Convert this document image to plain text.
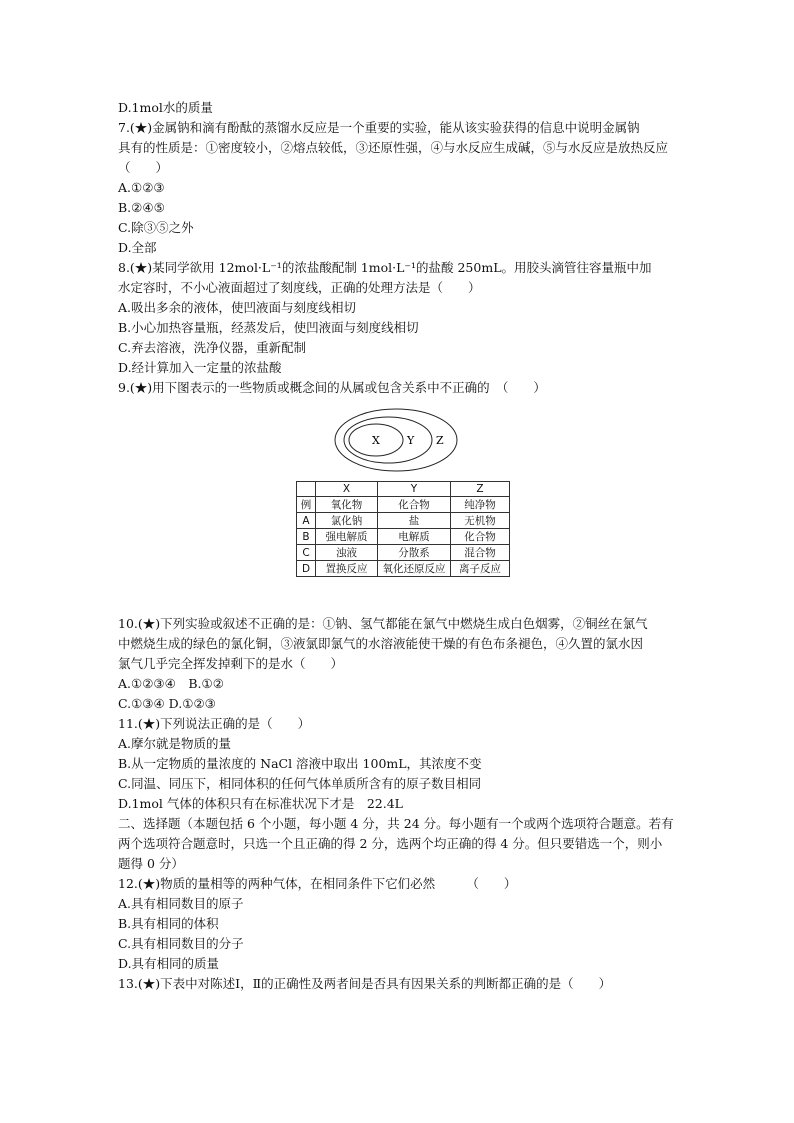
D.1mol水的质量
7.(★)金属钠和滴有酚酞的蒸馏水反应是一个重要的实验，能从该实验获得的信息中说明金属钠
具有的性质是：①密度较小，②熔点较低，③还原性强，④与水反应生成碱，⑤与水反应是放热反应
（　　）
A.①②③
B.②④⑤
C.除③⑤之外
D.全部
8.(★)某同学欲用 12mol·L⁻¹的浓盐酸配制 1mol·L⁻¹的盐酸 250mL。用胶头滴管往容量瓶中加
水定容时，不小心液面超过了刻度线，正确的处理方法是（　　）
A.吸出多余的液体，使凹液面与刻度线相切
B.小心加热容量瓶，经蒸发后，使凹液面与刻度线相切
C.弃去溶液，洗净仪器，重新配制
D.经计算加入一定量的浓盐酸
9.(★)用下图表示的一些物质或概念间的从属或包含关系中不正确的　（　　）
X Y Z
	X	Y	Z
例	氧化物	化合物	纯净物
A	氯化钠	盐	无机物
B	强电解质	电解质	化合物
C	浊液	分散系	混合物
D	置换反应	氧化还原反应	离子反应
10.(★)下列实验或叙述不正确的是：①钠、氢气都能在氯气中燃烧生成白色烟雾，②铜丝在氯气
中燃烧生成的绿色的氯化铜，③液氯即氯气的水溶液能使干燥的有色布条褪色，④久置的氯水因
氯气几乎完全挥发掉剩下的是水（　　）
A.①②③④　B.①②
C.①③④ D.①②③
11.(★)下列说法正确的是（　　）
A.摩尔就是物质的量
B.从一定物质的量浓度的 NaCl 溶液中取出 100mL，其浓度不变
C.同温、同压下，相同体积的任何气体单质所含有的原子数目相同
D.1mol 气体的体积只有在标准状况下才是　22.4L
二、选择题（本题包括 6 个小题，每小题 4 分，共 24 分。每小题有一个或两个选项符合题意。若有
两个选项符合题意时，只选一个且正确的得 2 分，选两个均正确的得 4 分。但只要错选一个，则小
题得 0 分）
12.(★)物质的量相等的两种气体，在相同条件下它们必然　　　（　　）
A.具有相同数目的原子
B.具有相同的体积
C.具有相同数目的分子
D.具有相同的质量
13.(★)下表中对陈述Ⅰ，Ⅱ的正确性及两者间是否具有因果关系的判断都正确的是（　　）
